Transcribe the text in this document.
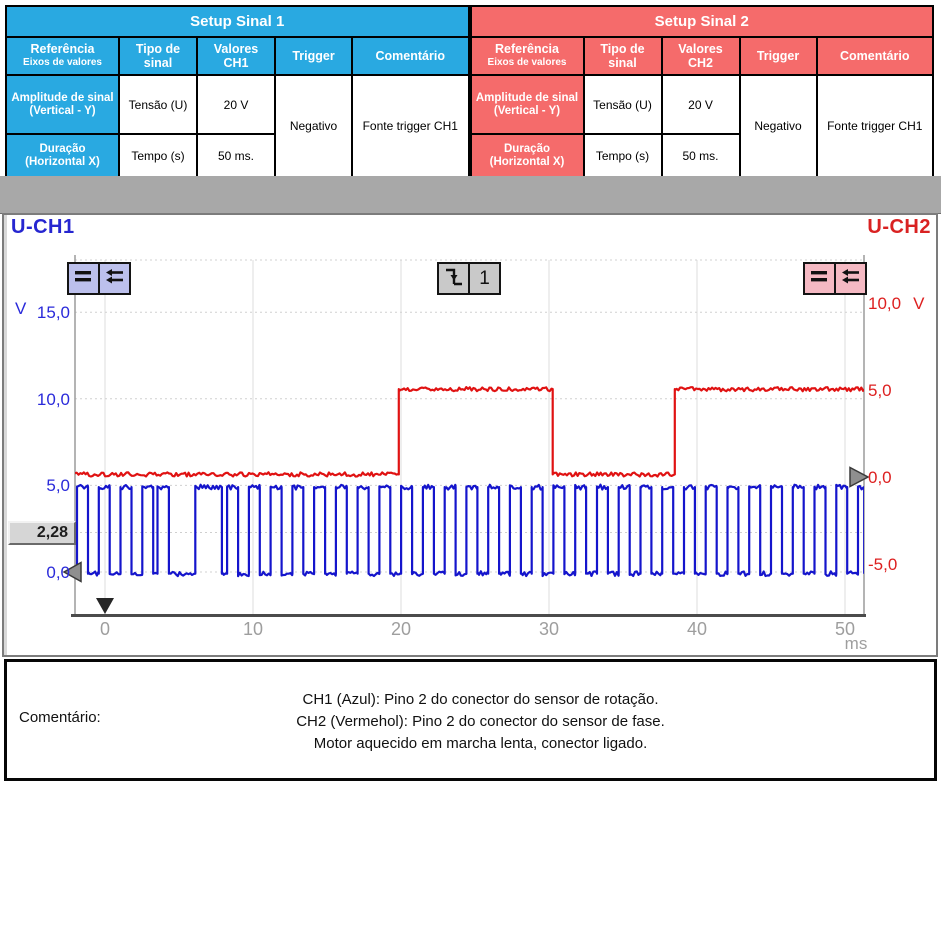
Setup Sinal 1				
Referência
Eixos de valores	Tipo de sinal	Valores CH1	Trigger	Comentário
Amplitude de sinal
(Vertical - Y)	Tensão (U)	20 V	Negativo	Fonte trigger CH1
Duração
(Horizontal X)	Tempo (s)	50 ms.		
Setup Sinal 2				
Referência
Eixos de valores	Tipo de sinal	Valores CH2	Trigger	Comentário
Amplitude de sinal
(Vertical - Y)	Tensão (U)	20 V	Negativo	Fonte trigger CH1
Duração
(Horizontal X)	Tempo (s)	50 ms.		
U-CH1	U-CH2
1
V 15,0
10,0
5,0
0,0
10,0 V
5,0
0,0
-5,0
0	10	20	30	40	50
ms
2,28
Comentário:
CH1 (Azul): Pino 2 do conector do sensor de rotação.
CH2 (Vermehol): Pino 2 do conector do sensor de fase.
Motor aquecido em marcha lenta, conector ligado.
